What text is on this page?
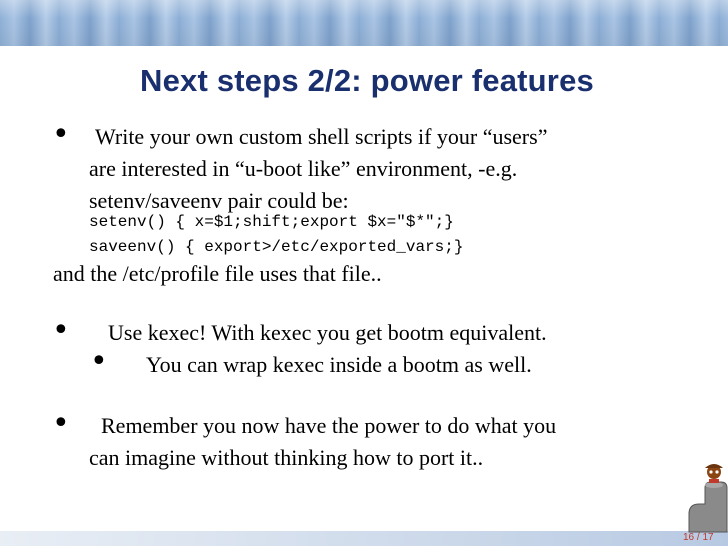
Next steps 2/2: power features
• Write your own custom shell scripts if your “users”
are interested in “u-boot like” environment, -e.g.
setenv/saveenv pair could be:
setenv() { x=$1;shift;export $x="$*";}
saveenv() { export>/etc/exported_vars;}
and the /etc/profile file uses that file..
• Use kexec! With kexec you get bootm equivalent.
• You can wrap kexec inside a bootm as well.
• Remember you now have the power to do what you
can imagine without thinking how to port it..
16 / 17
